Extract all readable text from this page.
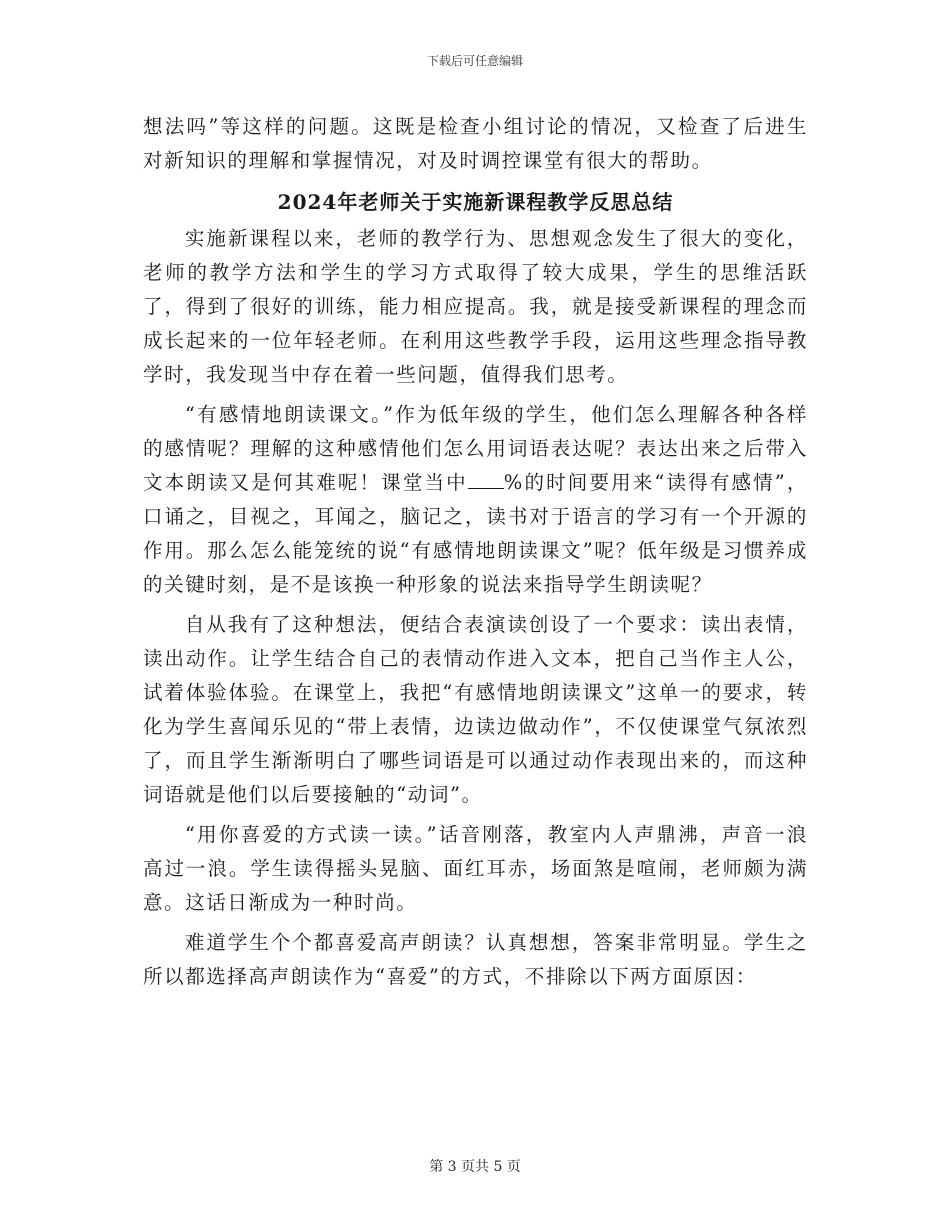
下载后可任意编辑

想法吗”等这样的问题。这既是检查小组讨论的情况，又检查了后进生对新知识的理解和掌握情况，对及时调控课堂有很大的帮助。

2024年老师关于实施新课程教学反思总结

实施新课程以来，老师的教学行为、思想观念发生了很大的变化，老师的教学方法和学生的学习方式取得了较大成果，学生的思维活跃了，得到了很好的训练，能力相应提高。我，就是接受新课程的理念而成长起来的一位年轻老师。在利用这些教学手段，运用这些理念指导教学时，我发现当中存在着一些问题，值得我们思考。

“有感情地朗读课文。”作为低年级的学生，他们怎么理解各种各样的感情呢？理解的这种感情他们怎么用词语表达呢？表达出来之后带入文本朗读又是何其难呢！课堂当中 %的时间要用来“读得有感情”，口诵之，目视之，耳闻之，脑记之，读书对于语言的学习有一个开源的作用。那么怎么能笼统的说“有感情地朗读课文”呢？低年级是习惯养成的关键时刻，是不是该换一种形象的说法来指导学生朗读呢？

自从我有了这种想法，便结合表演读创设了一个要求：读出表情，读出动作。让学生结合自己的表情动作进入文本，把自己当作主人公，试着体验体验。在课堂上，我把“有感情地朗读课文”这单一的要求，转化为学生喜闻乐见的“带上表情，边读边做动作”，不仅使课堂气氛浓烈了，而且学生渐渐明白了哪些词语是可以通过动作表现出来的，而这种词语就是他们以后要接触的“动词”。

“用你喜爱的方式读一读。”话音刚落，教室内人声鼎沸，声音一浪高过一浪。学生读得摇头晃脑、面红耳赤，场面煞是喧闹，老师颇为满意。这话日渐成为一种时尚。

难道学生个个都喜爱高声朗读？认真想想，答案非常明显。学生之所以都选择高声朗读作为“喜爱”的方式，不排除以下两方面原因：

第 3 页共 5 页
